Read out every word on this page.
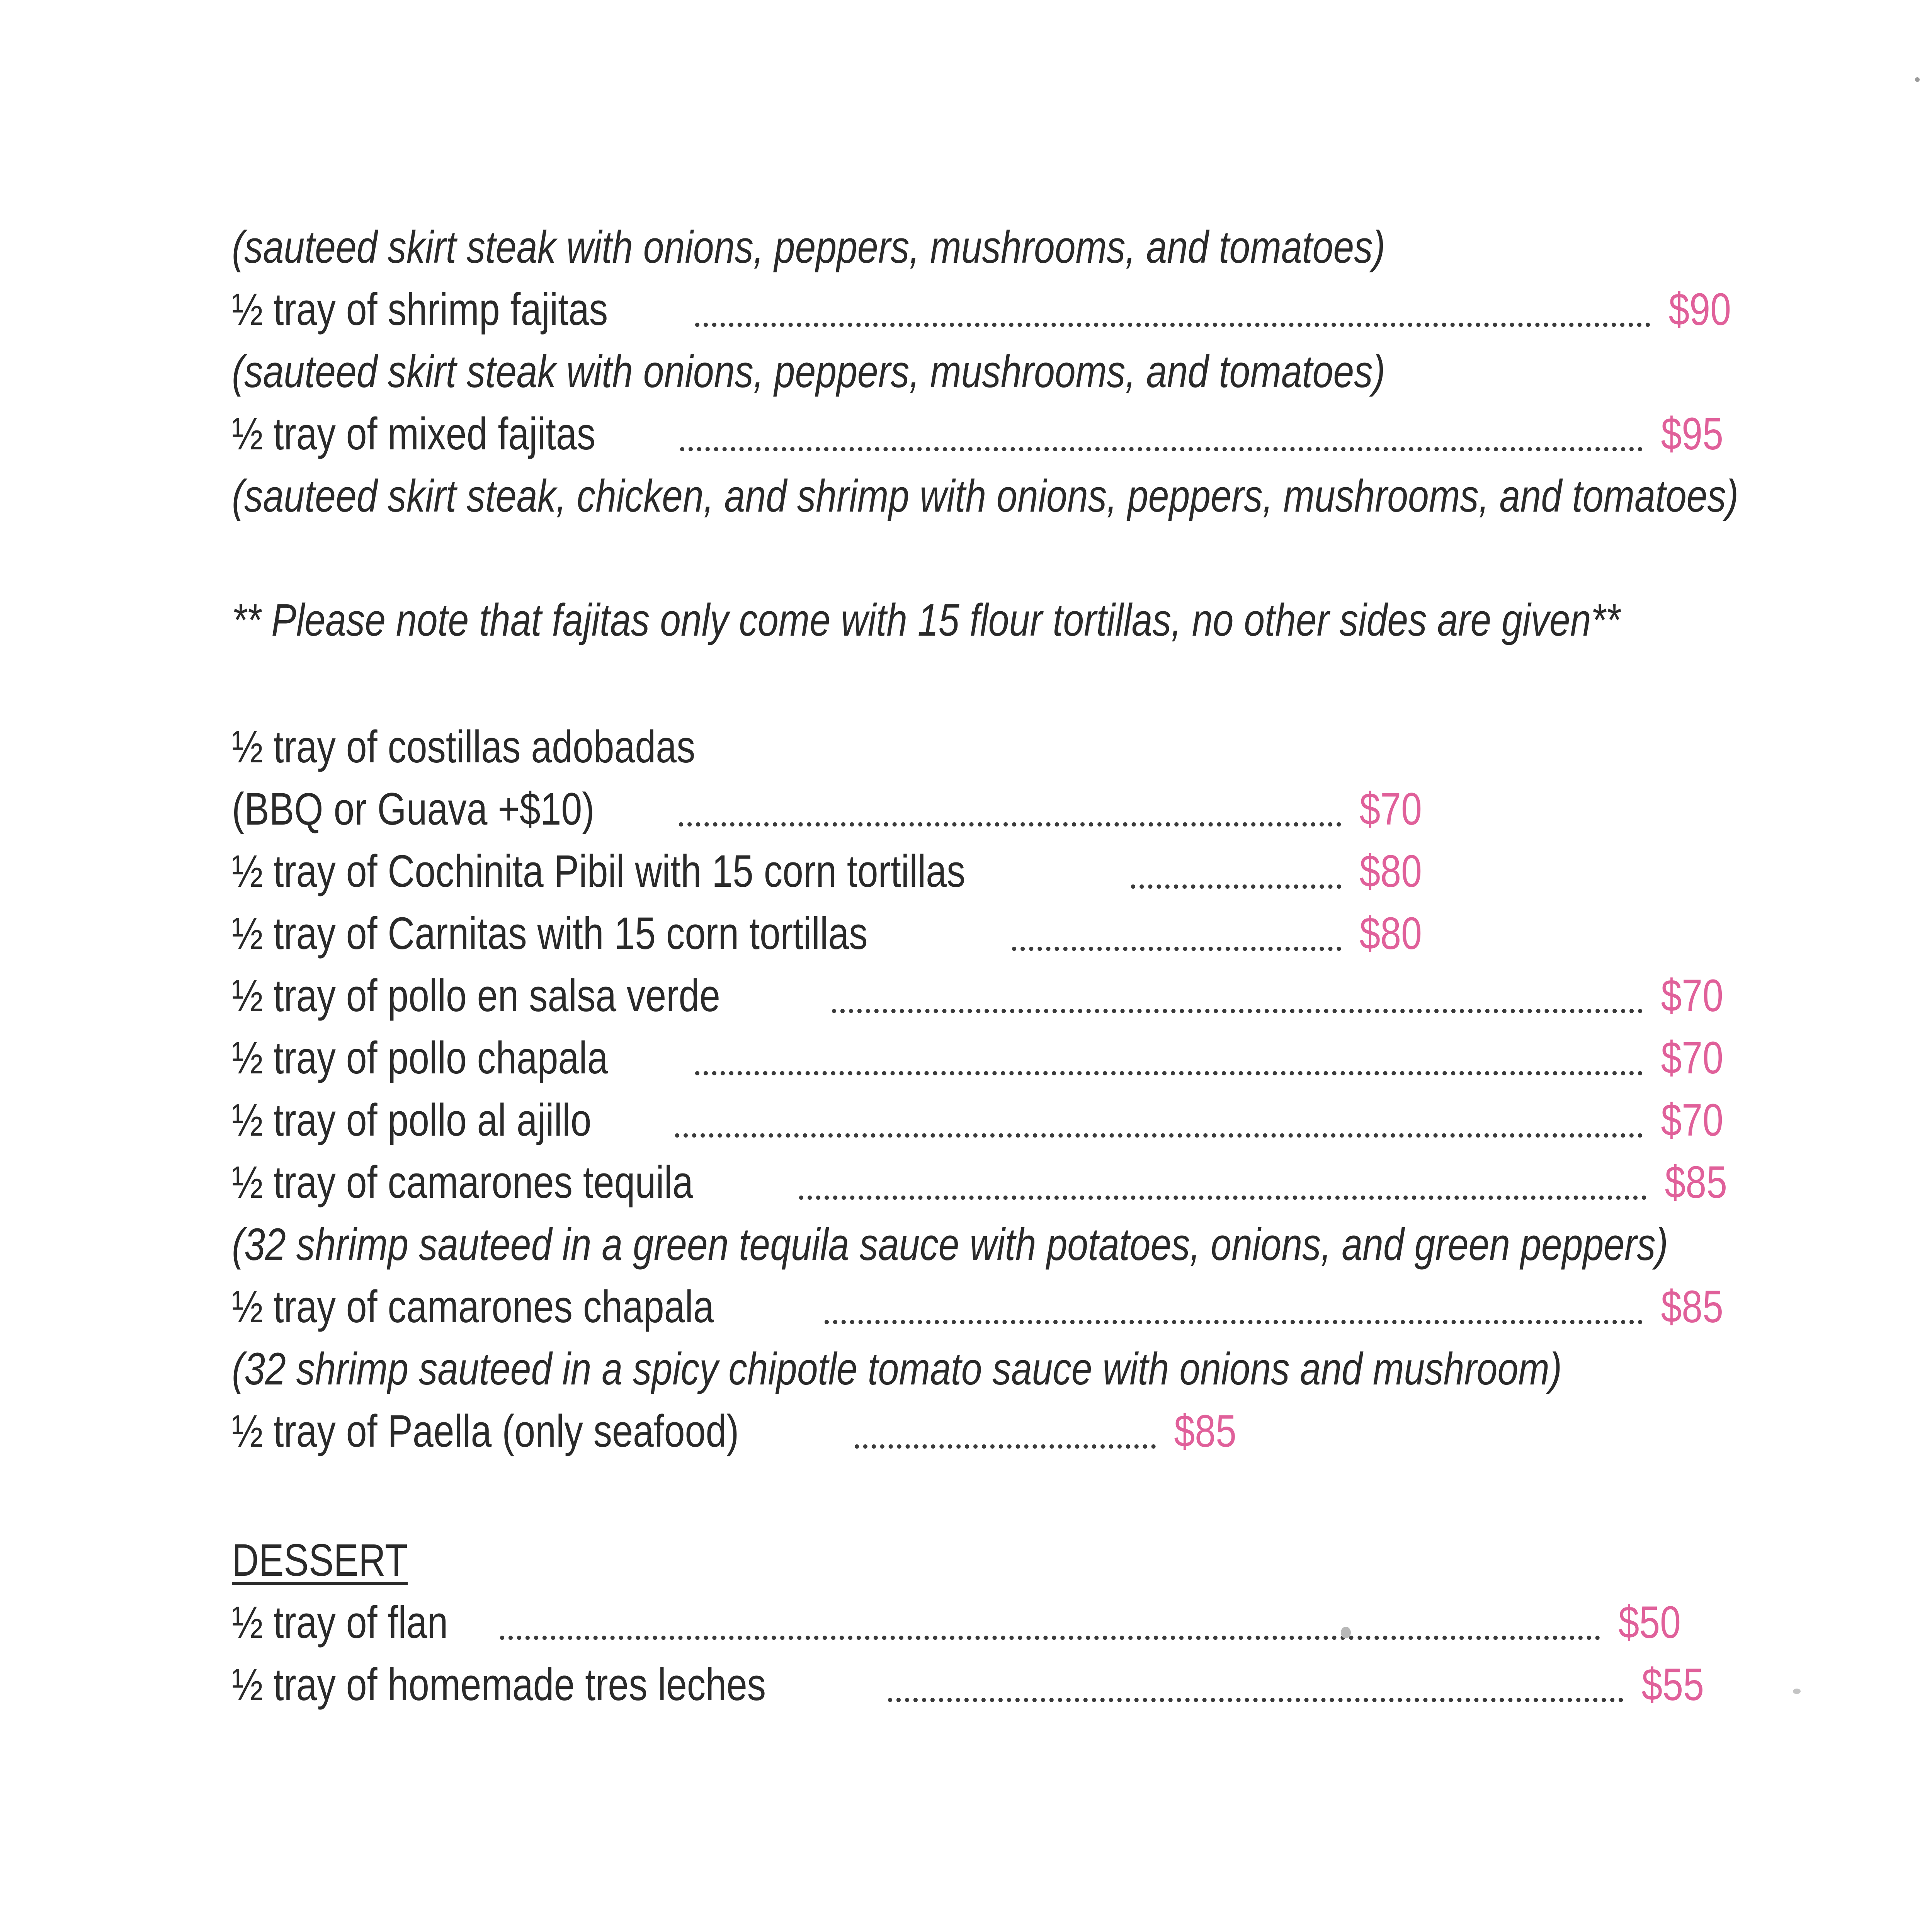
(sauteed skirt steak with onions, peppers, mushrooms, and tomatoes)
½ tray of shrimp fajitas	$90
(sauteed skirt steak with onions, peppers, mushrooms, and tomatoes)
½ tray of mixed fajitas	$95
(sauteed skirt steak, chicken, and shrimp with onions, peppers, mushrooms, and tomatoes)
** Please note that fajitas only come with 15 flour tortillas, no other sides are given**
½ tray of costillas adobadas
(BBQ or Guava +$10)	$70
½ tray of Cochinita Pibil with 15 corn tortillas	$80
½ tray of Carnitas with 15 corn tortillas	$80
½ tray of pollo en salsa verde	$70
½ tray of pollo chapala	$70
½ tray of pollo al ajillo	$70
½ tray of camarones tequila	$85
(32 shrimp sauteed in a green tequila sauce with potatoes, onions, and green peppers)
½ tray of camarones chapala	$85
(32 shrimp sauteed in a spicy chipotle tomato sauce with onions and mushroom)
½ tray of Paella (only seafood)	$85
DESSERT
½ tray of flan	$50
½ tray of homemade tres leches	$55
